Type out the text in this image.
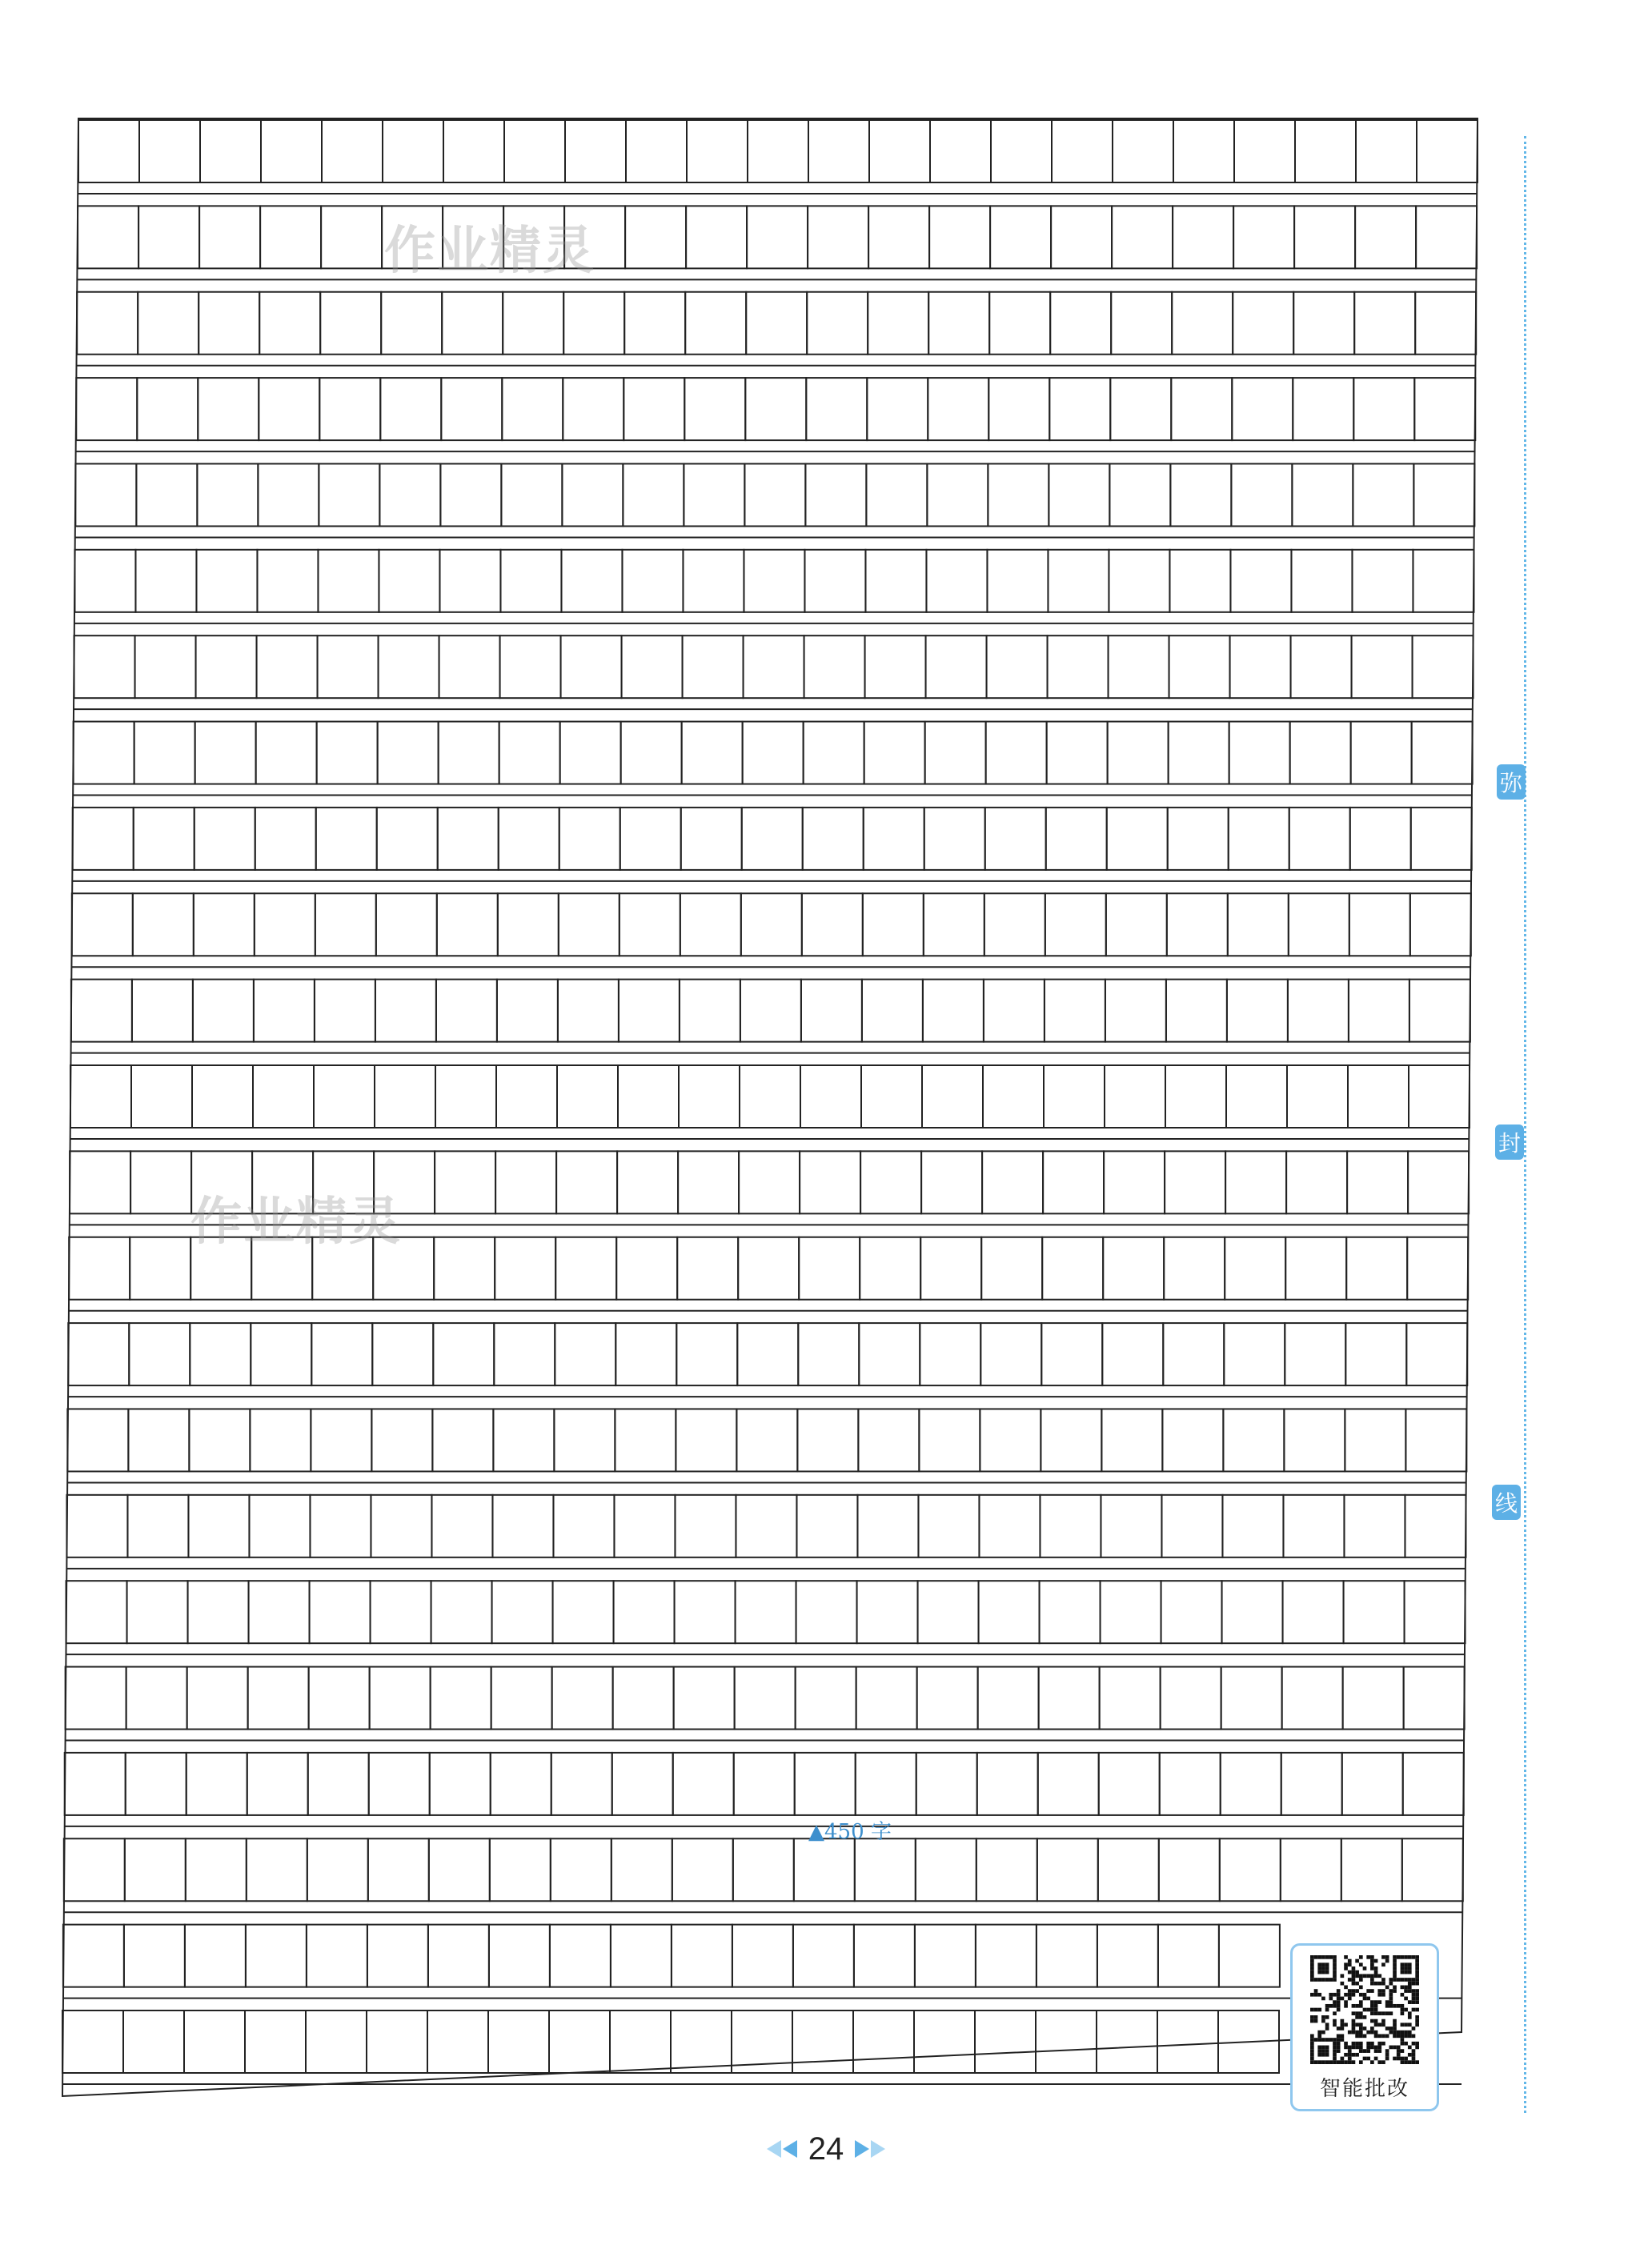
作业精灵
作业精灵
弥
封
线
▲450 字
智能批改
24
